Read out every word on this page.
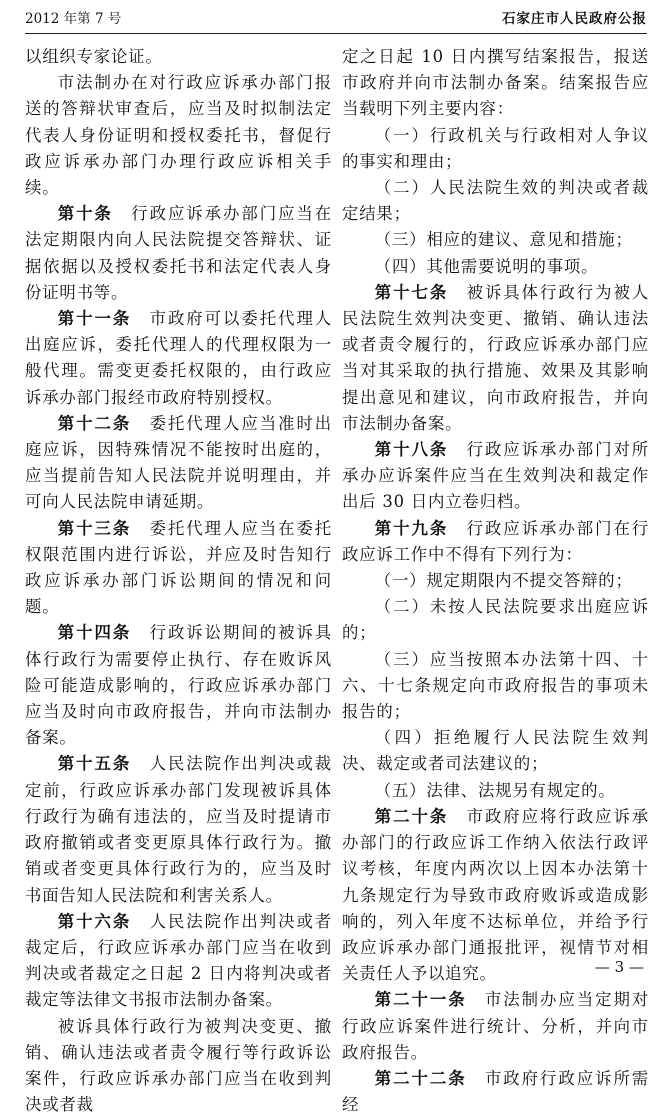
2012 年第 7 号	石家庄市人民政府公报

以组织专家论证。

市法制办在对行政应诉承办部门报送的答辩状审查后，应当及时拟制法定代表人身份证明和授权委托书，督促行政应诉承办部门办理行政应诉相关手续。

第十条　 行政应诉承办部门应当在法定期限内向人民法院提交答辩状、证据依据以及授权委托书和法定代表人身份证明书等。

第十一条　 市政府可以委托代理人出庭应诉，委托代理人的代理权限为一般代理。需变更委托权限的，由行政应诉承办部门报经市政府特别授权。

第十二条　 委托代理人应当准时出庭应诉，因特殊情况不能按时出庭的，应当提前告知人民法院并说明理由，并可向人民法院申请延期。

第十三条　 委托代理人应当在委托权限范围内进行诉讼，并应及时告知行政应诉承办部门诉讼期间的情况和问题。

第十四条　 行政诉讼期间的被诉具体行政行为需要停止执行、存在败诉风险可能造成影响的，行政应诉承办部门应当及时向市政府报告，并向市法制办备案。

第十五条　 人民法院作出判决或裁定前，行政应诉承办部门发现被诉具体行政行为确有违法的，应当及时提请市政府撤销或者变更原具体行政行为。撤销或者变更具体行政行为的，应当及时书面告知人民法院和利害关系人。

第十六条　 人民法院作出判决或者裁定后，行政应诉承办部门应当在收到判决或者裁定之日起 2 日内将判决或者裁定等法律文书报市法制办备案。

被诉具体行政行为被判决变更、撤销、确认违法或者责令履行等行政诉讼案件，行政应诉承办部门应当在收到判决或者裁

定之日起 10 日内撰写结案报告，报送市政府并向市法制办备案。结案报告应当载明下列主要内容：

（一）行政机关与行政相对人争议的事实和理由；

（二）人民法院生效的判决或者裁定结果；

（三）相应的建议、意见和措施；

（四）其他需要说明的事项。

第十七条　 被诉具体行政行为被人民法院生效判决变更、撤销、确认违法或者责令履行的，行政应诉承办部门应当对其采取的执行措施、效果及其影响提出意见和建议，向市政府报告，并向市法制办备案。

第十八条　 行政应诉承办部门对所承办应诉案件应当在生效判决和裁定作出后 30 日内立卷归档。

第十九条　 行政应诉承办部门在行政应诉工作中不得有下列行为：

（一）规定期限内不提交答辩的；

（二）未按人民法院要求出庭应诉的；

（三）应当按照本办法第十四、十六、十七条规定向市政府报告的事项未报告的；

（四）拒绝履行人民法院生效判决、裁定或者司法建议的；

（五）法律、法规另有规定的。

第二十条　 市政府应将行政应诉承办部门的行政应诉工作纳入依法行政评议考核，年度内两次以上因本办法第十九条规定行为导致市政府败诉或造成影响的，列入年度不达标单位，并给予行政应诉承办部门通报批评，视情节对相关责任人予以追究。

第二十一条　 市法制办应当定期对行政应诉案件进行统计、分析，并向市政府报告。

第二十二条　 市政府行政应诉所需经

— 3 —
